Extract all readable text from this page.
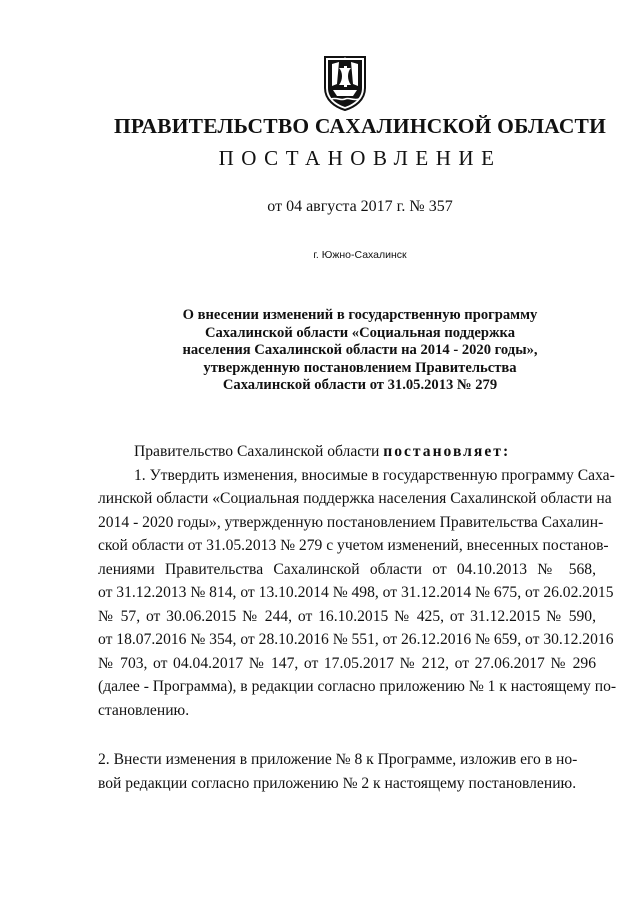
ПРАВИТЕЛЬСТВО САХАЛИНСКОЙ ОБЛАСТИ
ПОСТАНОВЛЕНИЕ
от 04 августа 2017 г. № 357
г. Южно-Сахалинск
О внесении изменений в государственную программу
Сахалинской области «Социальная поддержка
населения Сахалинской области на 2014 - 2020 годы»,
утвержденную постановлением Правительства
Сахалинской области от 31.05.2013 № 279
Правительство Сахалинской области постановляет:
1. Утвердить изменения, вносимые в государственную программу Саха-
линской области «Социальная поддержка населения Сахалинской области на
2014 - 2020 годы», утвержденную постановлением Правительства Сахалин-
ской области от 31.05.2013 № 279 с учетом изменений, внесенных постанов-
лениями Правительства Сахалинской области от 04.10.2013 № 568,
от 31.12.2013 № 814, от 13.10.2014 № 498, от 31.12.2014 № 675, от 26.02.2015
№ 57, от 30.06.2015 № 244, от 16.10.2015 № 425, от 31.12.2015 № 590,
от 18.07.2016 № 354, от 28.10.2016 № 551, от 26.12.2016 № 659, от 30.12.2016
№ 703, от 04.04.2017 № 147, от 17.05.2017 № 212, от 27.06.2017 № 296
(далее - Программа), в редакции согласно приложению № 1 к настоящему по-
становлению.
2. Внести изменения в приложение № 8 к Программе, изложив его в но- вой редакции согласно приложению № 2 к настоящему постановлению.
